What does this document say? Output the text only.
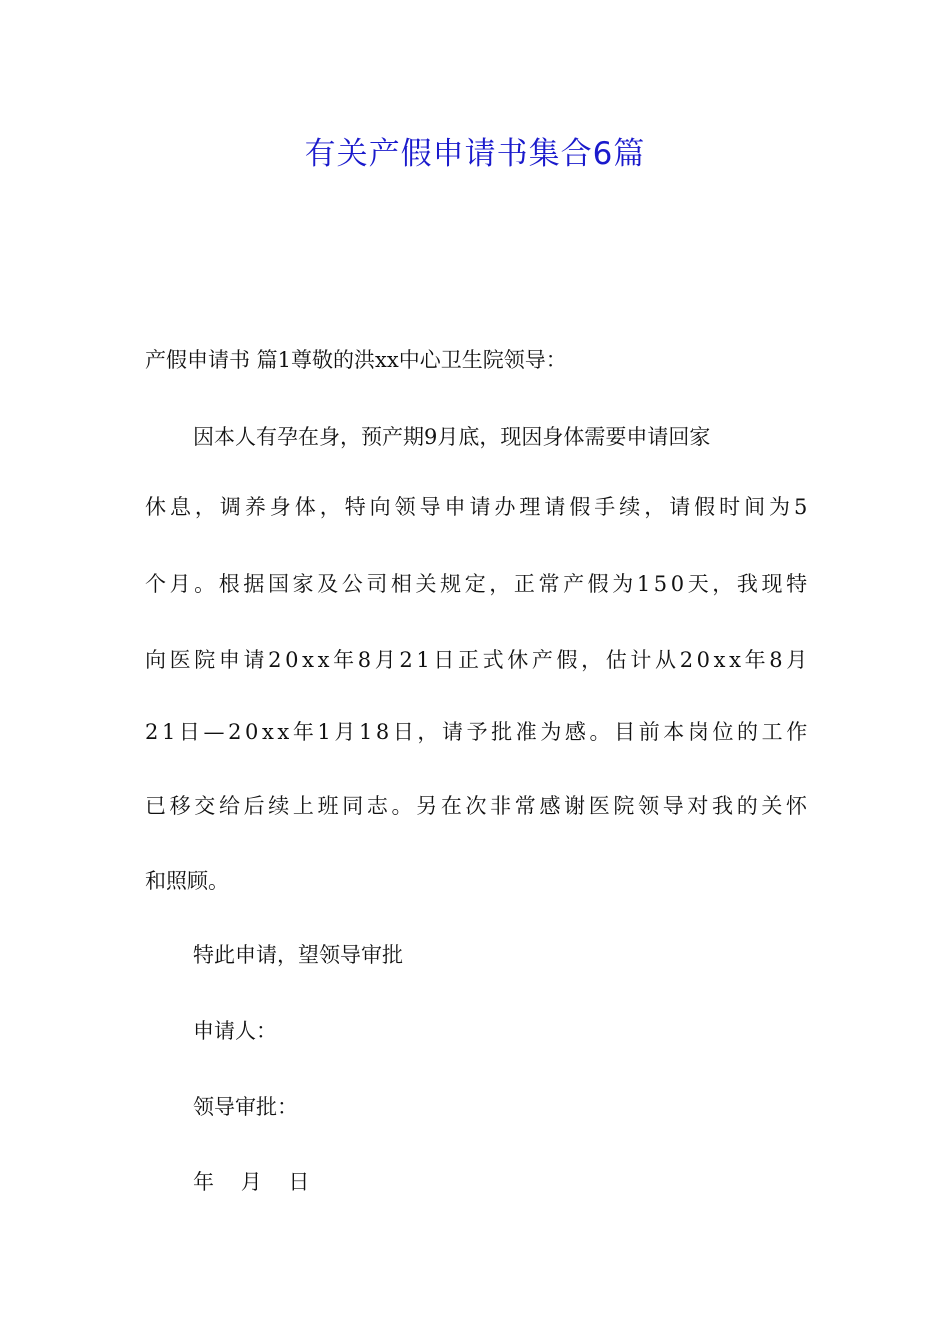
有关产假申请书集合6篇
产假申请书 篇1尊敬的洪xx中心卫生院领导：
因本人有孕在身，预产期9月底，现因身体需要申请回家
休息，调养身体，特向领导申请办理请假手续，请假时间为5
个月。根据国家及公司相关规定，正常产假为150天，我现特
向医院申请20xx年8月21日正式休产假，估计从20xx年8月
21日—20xx年1月18日，请予批准为感。目前本岗位的工作
已移交给后续上班同志。另在次非常感谢医院领导对我的关怀
和照顾。
特此申请，望领导审批
申请人：
领导审批：
年    月    日
